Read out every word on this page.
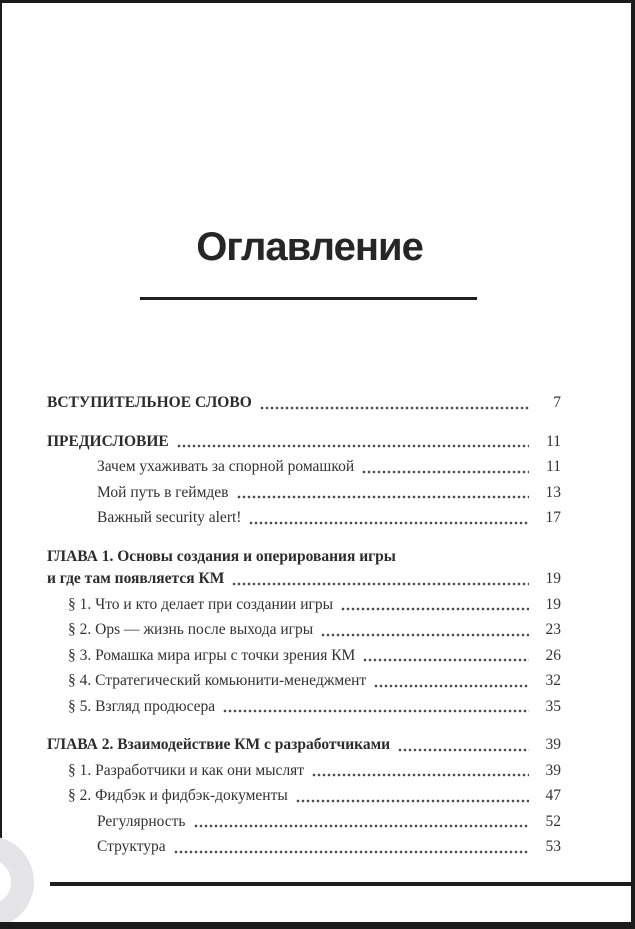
Оглавление
ВСТУПИТЕЛЬНОЕ СЛОВО	7
ПРЕДИСЛОВИЕ	11
Зачем ухаживать за спорной ромашкой	11
Мой путь в геймдев	13
Важный security alert!	17
ГЛАВА 1. Основы создания и оперирования игры
и где там появляется КМ	19
§ 1. Что и кто делает при создании игры	19
§ 2. Ops — жизнь после выхода игры	23
§ 3. Ромашка мира игры с точки зрения КМ	26
§ 4. Стратегический комьюнити-менеджмент	32
§ 5. Взгляд продюсера	35
ГЛАВА 2. Взаимодействие КМ с разработчиками	39
§ 1. Разработчики и как они мыслят	39
§ 2. Фидбэк и фидбэк-документы	47
Регулярность	52
Структура	53
